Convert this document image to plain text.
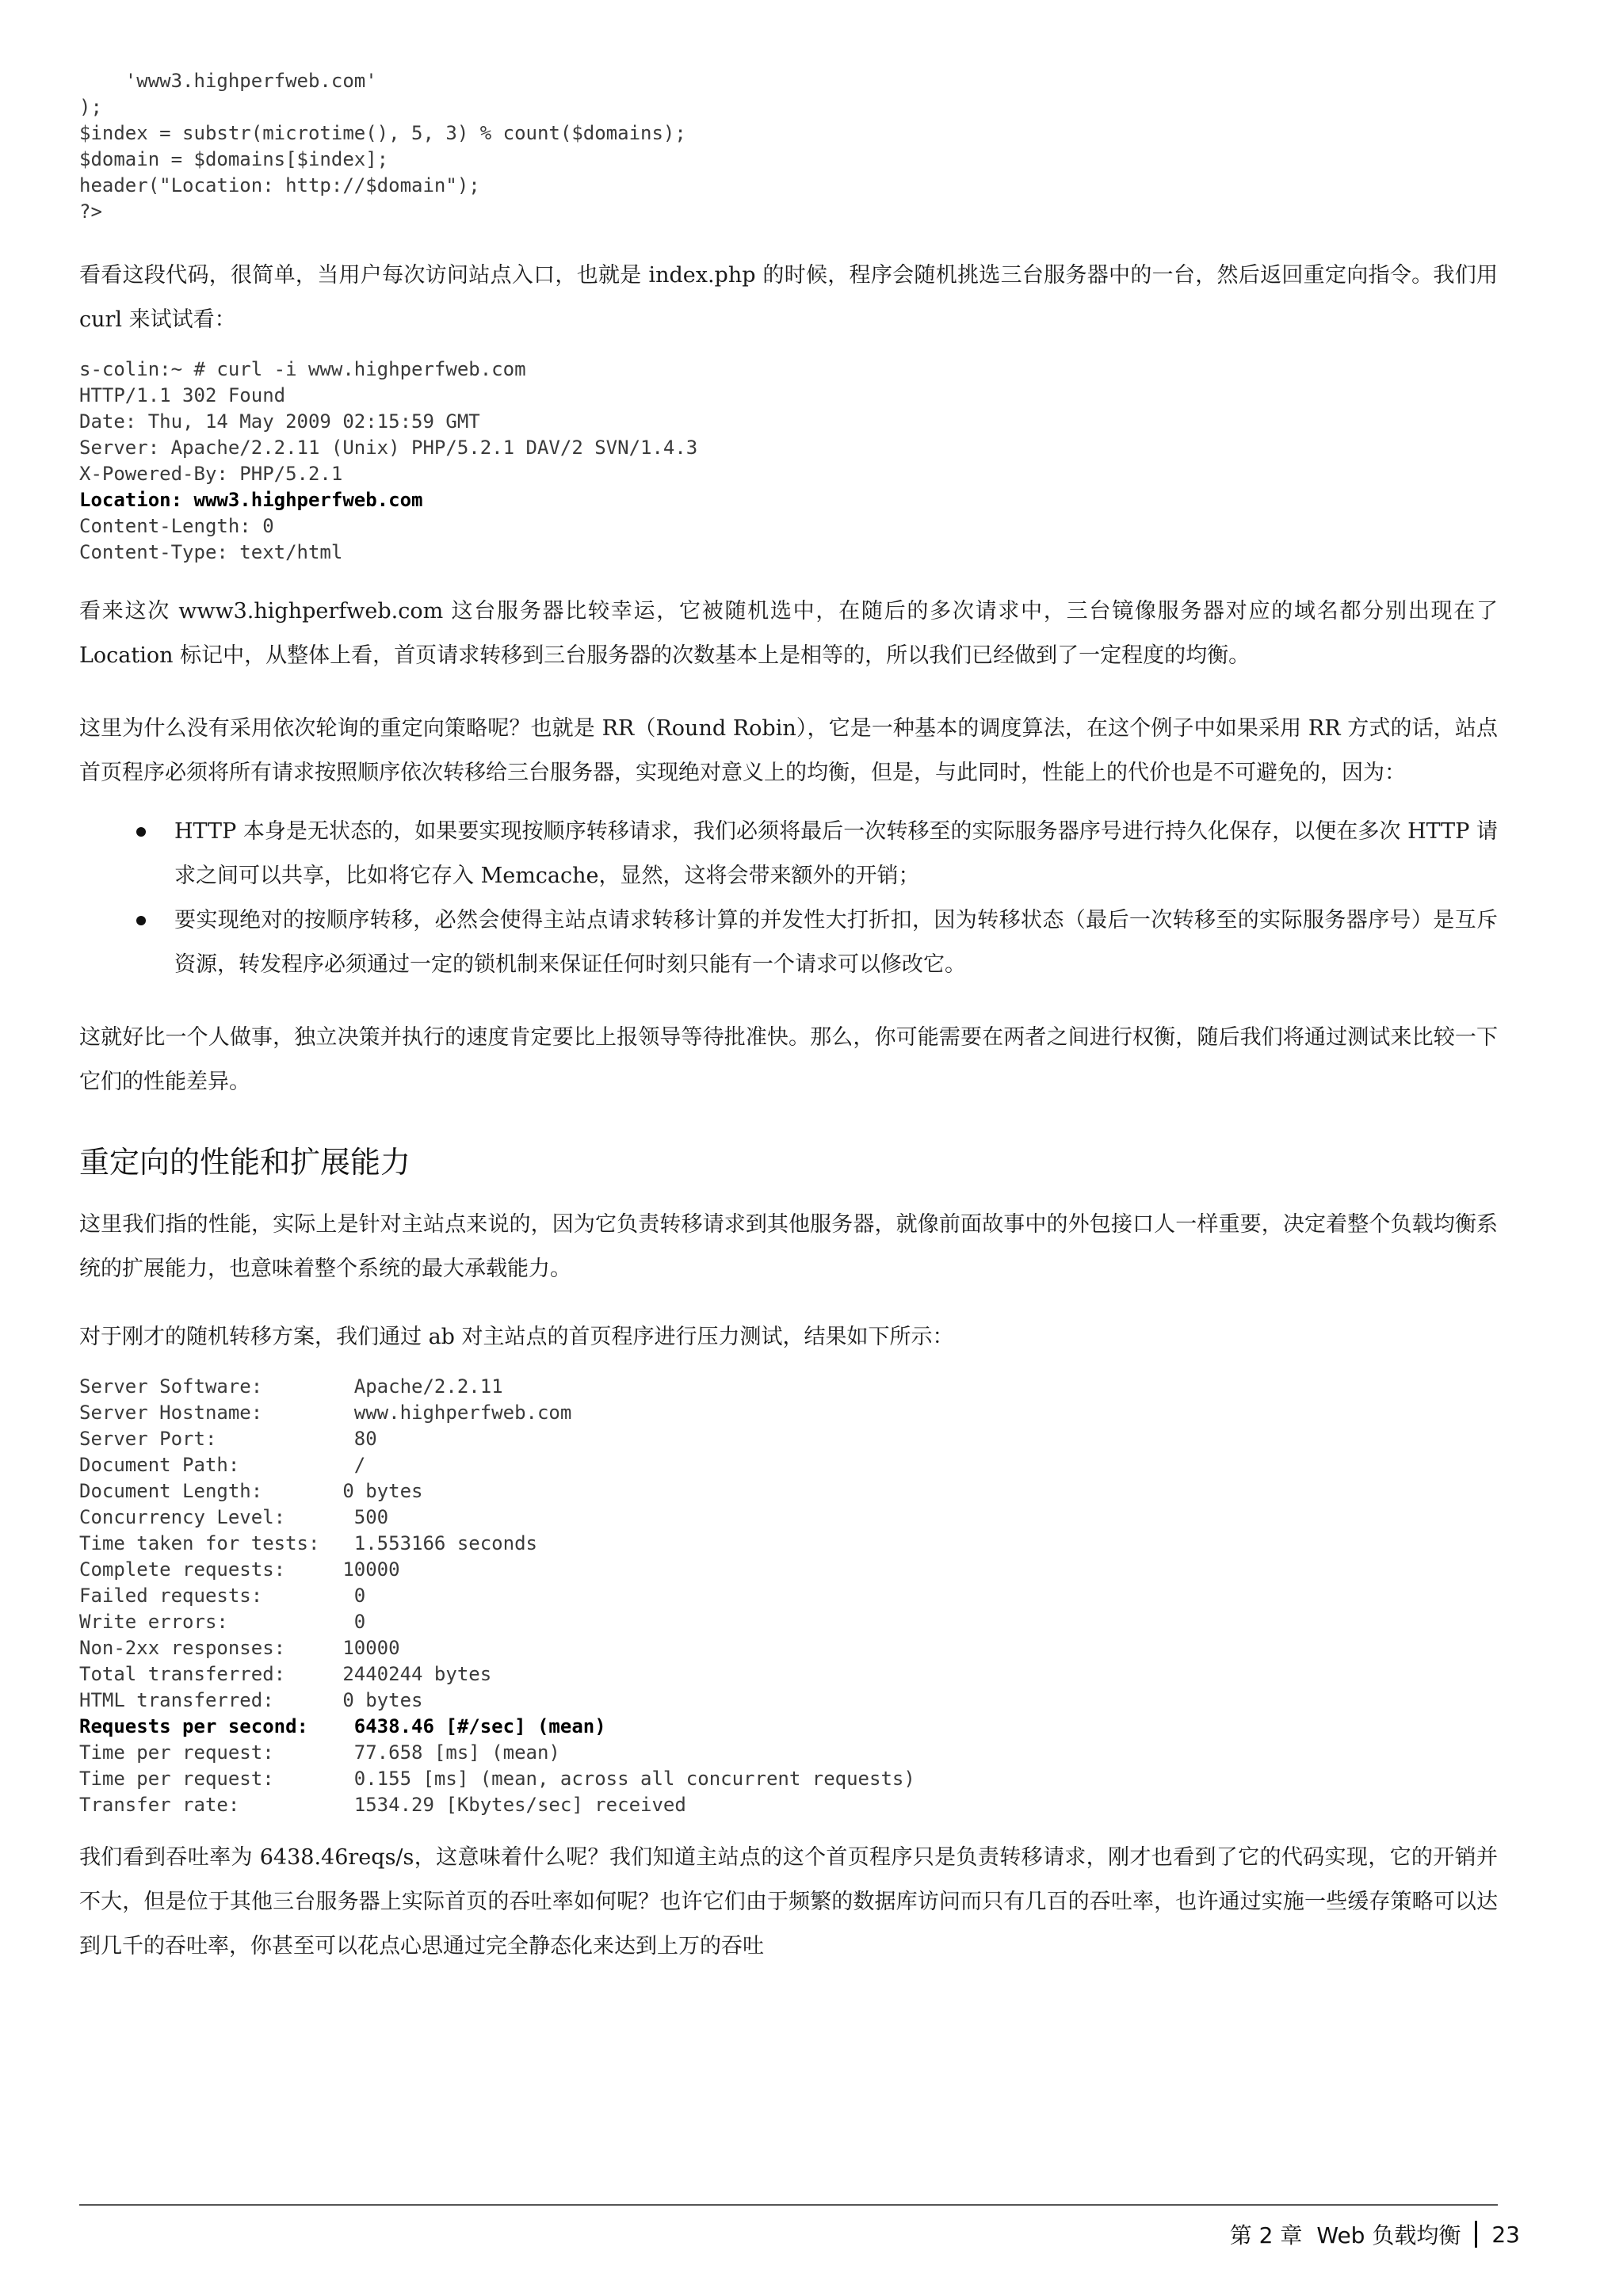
'www3.highperfweb.com'
);
$index = substr(microtime(), 5, 3) % count($domains);
$domain = $domains[$index];
header("Location: http://$domain");
?>

看看这段代码，很简单，当用户每次访问站点入口，也就是 index.php 的时候，程序会随机挑选三台服务器中的一台，然后返回重定向指令。我们用 curl 来试试看：

s-colin:~ # curl -i www.highperfweb.com
HTTP/1.1 302 Found
Date: Thu, 14 May 2009 02:15:59 GMT
Server: Apache/2.2.11 (Unix) PHP/5.2.1 DAV/2 SVN/1.4.3
X-Powered-By: PHP/5.2.1
Location: www3.highperfweb.com
Content-Length: 0
Content-Type: text/html

看来这次 www3.highperfweb.com 这台服务器比较幸运，它被随机选中，在随后的多次请求中，三台镜像服务器对应的域名都分别出现在了 Location 标记中，从整体上看，首页请求转移到三台服务器的次数基本上是相等的，所以我们已经做到了一定程度的均衡。

这里为什么没有采用依次轮询的重定向策略呢？也就是 RR（Round Robin），它是一种基本的调度算法，在这个例子中如果采用 RR 方式的话，站点首页程序必须将所有请求按照顺序依次转移给三台服务器，实现绝对意义上的均衡，但是，与此同时，性能上的代价也是不可避免的，因为：

HTTP 本身是无状态的，如果要实现按顺序转移请求，我们必须将最后一次转移至的实际服务器序号进行持久化保存，以便在多次 HTTP 请求之间可以共享，比如将它存入 Memcache，显然，这将会带来额外的开销；
要实现绝对的按顺序转移，必然会使得主站点请求转移计算的并发性大打折扣，因为转移状态（最后一次转移至的实际服务器序号）是互斥资源，转发程序必须通过一定的锁机制来保证任何时刻只能有一个请求可以修改它。

这就好比一个人做事，独立决策并执行的速度肯定要比上报领导等待批准快。那么，你可能需要在两者之间进行权衡，随后我们将通过测试来比较一下它们的性能差异。

重定向的性能和扩展能力

这里我们指的性能，实际上是针对主站点来说的，因为它负责转移请求到其他服务器，就像前面故事中的外包接口人一样重要，决定着整个负载均衡系统的扩展能力，也意味着整个系统的最大承载能力。

对于刚才的随机转移方案，我们通过 ab 对主站点的首页程序进行压力测试，结果如下所示：

Server Software:        Apache/2.2.11
Server Hostname:        www.highperfweb.com
Server Port:            80
Document Path:          /
Document Length:       0 bytes
Concurrency Level:      500
Time taken for tests:   1.553166 seconds
Complete requests:     10000
Failed requests:        0
Write errors:           0
Non-2xx responses:     10000
Total transferred:     2440244 bytes
HTML transferred:      0 bytes
Requests per second:    6438.46 [#/sec] (mean)
Time per request:       77.658 [ms] (mean)
Time per request:       0.155 [ms] (mean, across all concurrent requests)
Transfer rate:          1534.29 [Kbytes/sec] received

我们看到吞吐率为 6438.46reqs/s，这意味着什么呢？我们知道主站点的这个首页程序只是负责转移请求，刚才也看到了它的代码实现，它的开销并不大，但是位于其他三台服务器上实际首页的吞吐率如何呢？也许它们由于频繁的数据库访问而只有几百的吞吐率，也许通过实施一些缓存策略可以达到几千的吞吐率，你甚至可以花点心思通过完全静态化来达到上万的吞吐

第 2 章 Web 负载均衡 23
